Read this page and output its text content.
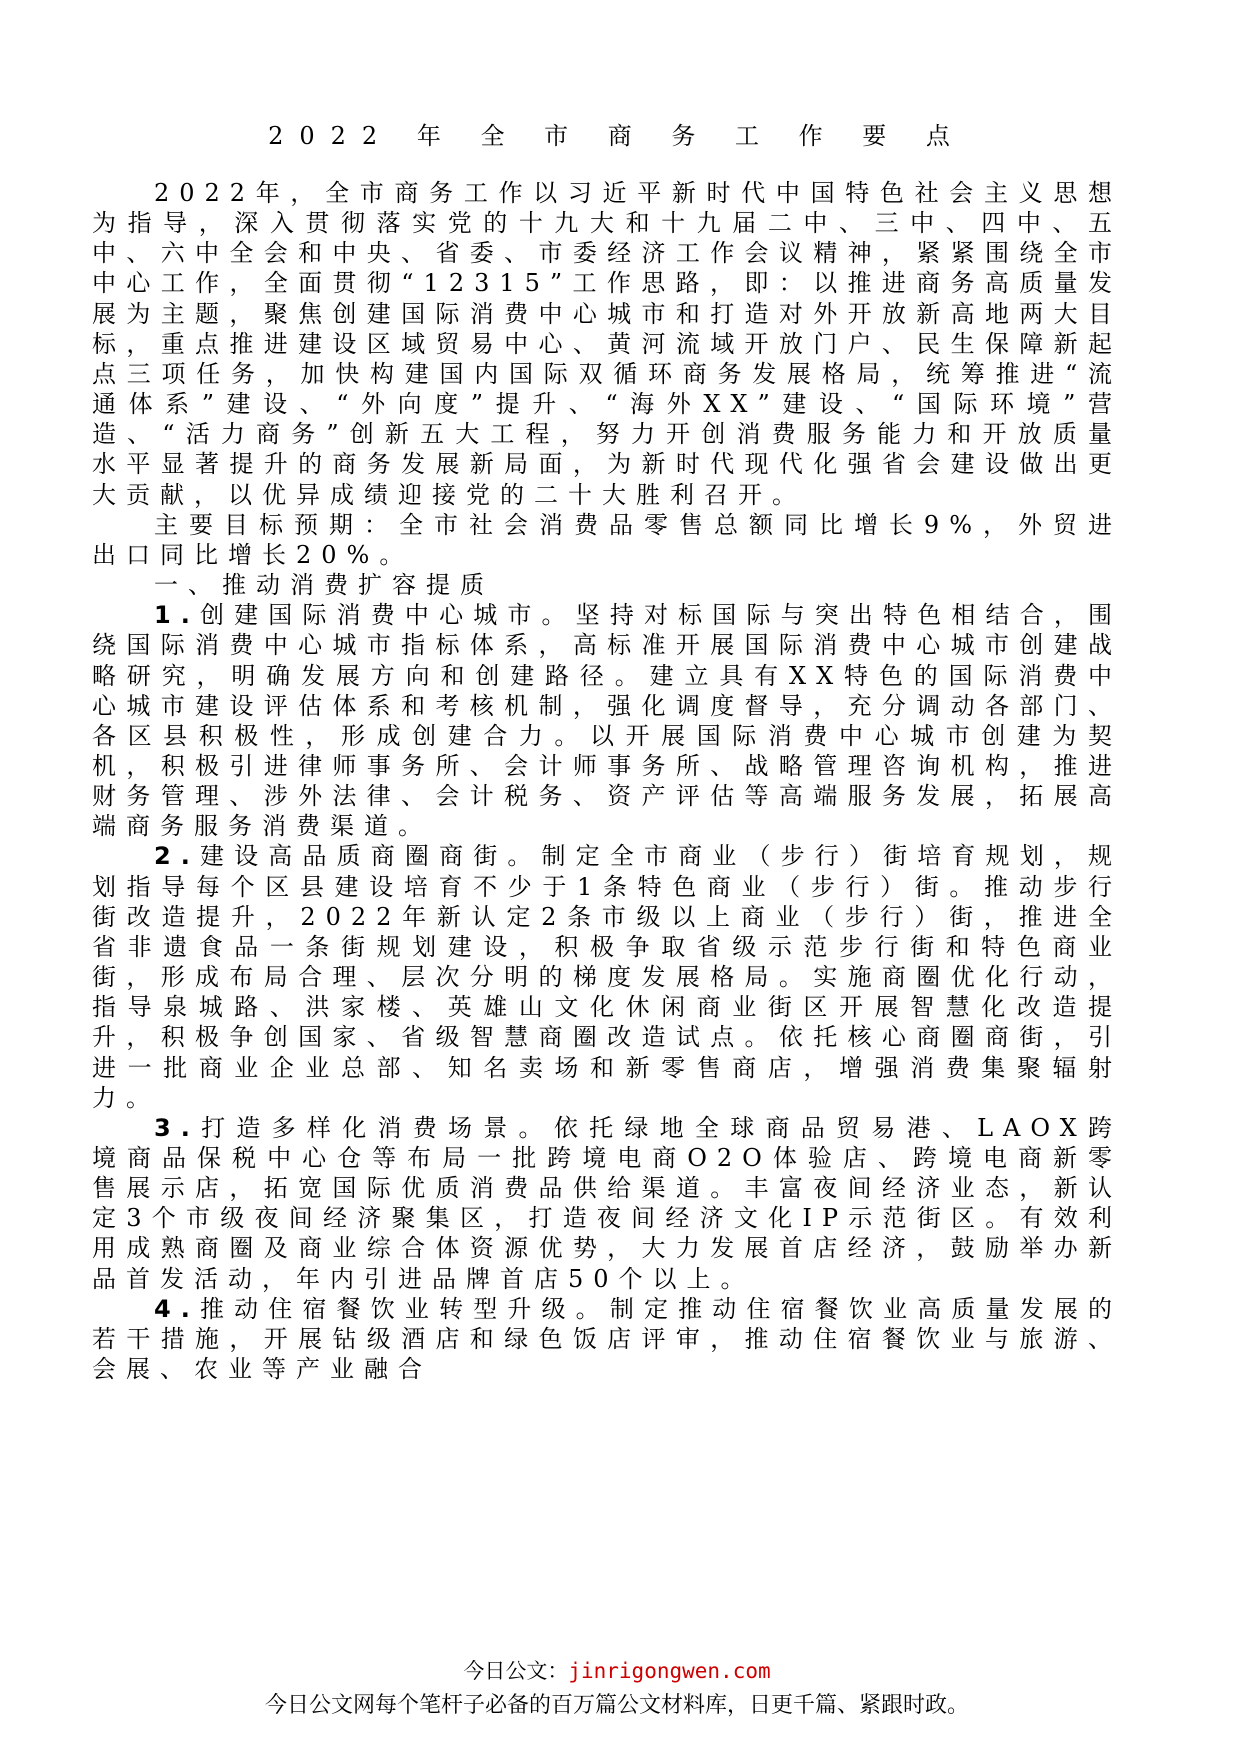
2022 年 全 市 商 务 工 作 要 点

2022年，全市商务工作以习近平新时代中国特色社会主义思想为指导，深入贯彻落实党的十九大和十九届二中、三中、四中、五中、六中全会和中央、省委、市委经济工作会议精神，紧紧围绕全市中心工作，全面贯彻“12315”工作思路，即：以推进商务高质量发展为主题，聚焦创建国际消费中心城市和打造对外开放新高地两大目标，重点推进建设区域贸易中心、黄河流域开放门户、民生保障新起点三项任务，加快构建国内国际双循环商务发展格局，统筹推进“流通体系”建设、“外向度”提升、“海外XX”建设、“国际环境”营造、“活力商务”创新五大工程，努力开创消费服务能力和开放质量水平显著提升的商务发展新局面，为新时代现代化强省会建设做出更大贡献，以优异成绩迎接党的二十大胜利召开。

主要目标预期：全市社会消费品零售总额同比增长9%，外贸进出口同比增长20%。

一、推动消费扩容提质

1.创建国际消费中心城市。坚持对标国际与突出特色相结合，围绕国际消费中心城市指标体系，高标准开展国际消费中心城市创建战略研究，明确发展方向和创建路径。建立具有XX特色的国际消费中心城市建设评估体系和考核机制，强化调度督导，充分调动各部门、各区县积极性，形成创建合力。以开展国际消费中心城市创建为契机，积极引进律师事务所、会计师事务所、战略管理咨询机构，推进财务管理、涉外法律、会计税务、资产评估等高端服务发展，拓展高端商务服务消费渠道。

2.建设高品质商圈商街。制定全市商业（步行）街培育规划，规划指导每个区县建设培育不少于1条特色商业（步行）街。推动步行街改造提升，2022年新认定2条市级以上商业（步行）街，推进全省非遗食品一条街规划建设，积极争取省级示范步行街和特色商业街，形成布局合理、层次分明的梯度发展格局。实施商圈优化行动，指导泉城路、洪家楼、英雄山文化休闲商业街区开展智慧化改造提升，积极争创国家、省级智慧商圈改造试点。依托核心商圈商街，引进一批商业企业总部、知名卖场和新零售商店，增强消费集聚辐射力。

3.打造多样化消费场景。依托绿地全球商品贸易港、LAOX跨境商品保税中心仓等布局一批跨境电商O2O体验店、跨境电商新零售展示店，拓宽国际优质消费品供给渠道。丰富夜间经济业态，新认定3个市级夜间经济聚集区，打造夜间经济文化IP示范街区。有效利用成熟商圈及商业综合体资源优势，大力发展首店经济，鼓励举办新品首发活动，年内引进品牌首店50个以上。

4.推动住宿餐饮业转型升级。制定推动住宿餐饮业高质量发展的若干措施，开展钻级酒店和绿色饭店评审，推动住宿餐饮业与旅游、会展、农业等产业融合

今日公文：jinrigongwen.com
今日公文网每个笔杆子必备的百万篇公文材料库，日更千篇、紧跟时政。
